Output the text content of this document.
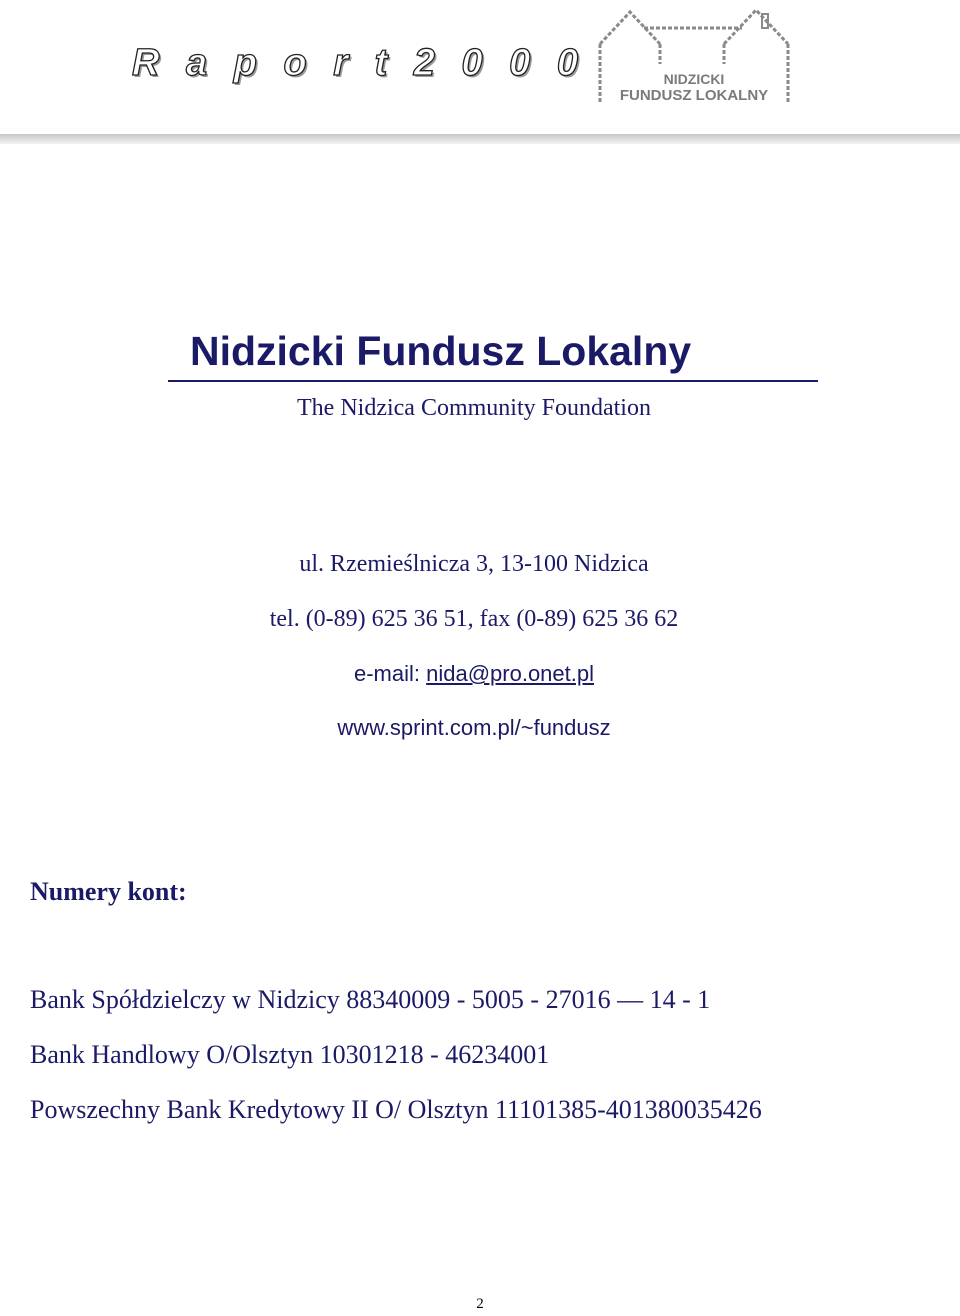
R a p o r t 2 0 0 0	NIDZICKI
FUNDUSZ LOKALNY
Nidzicki Fundusz Lokalny
The Nidzica Community Foundation
ul. Rzemieślnicza 3, 13-100 Nidzica
tel. (0-89) 625 36 51, fax (0-89) 625 36 62
e-mail: nida@pro.onet.pl
www.sprint.com.pl/~fundusz
Numery kont:
Bank Spółdzielczy w Nidzicy 88340009 - 5005 - 27016 — 14 - 1
Bank Handlowy O/Olsztyn 10301218 - 46234001
Powszechny Bank Kredytowy II O/ Olsztyn 11101385-401380035426
2
